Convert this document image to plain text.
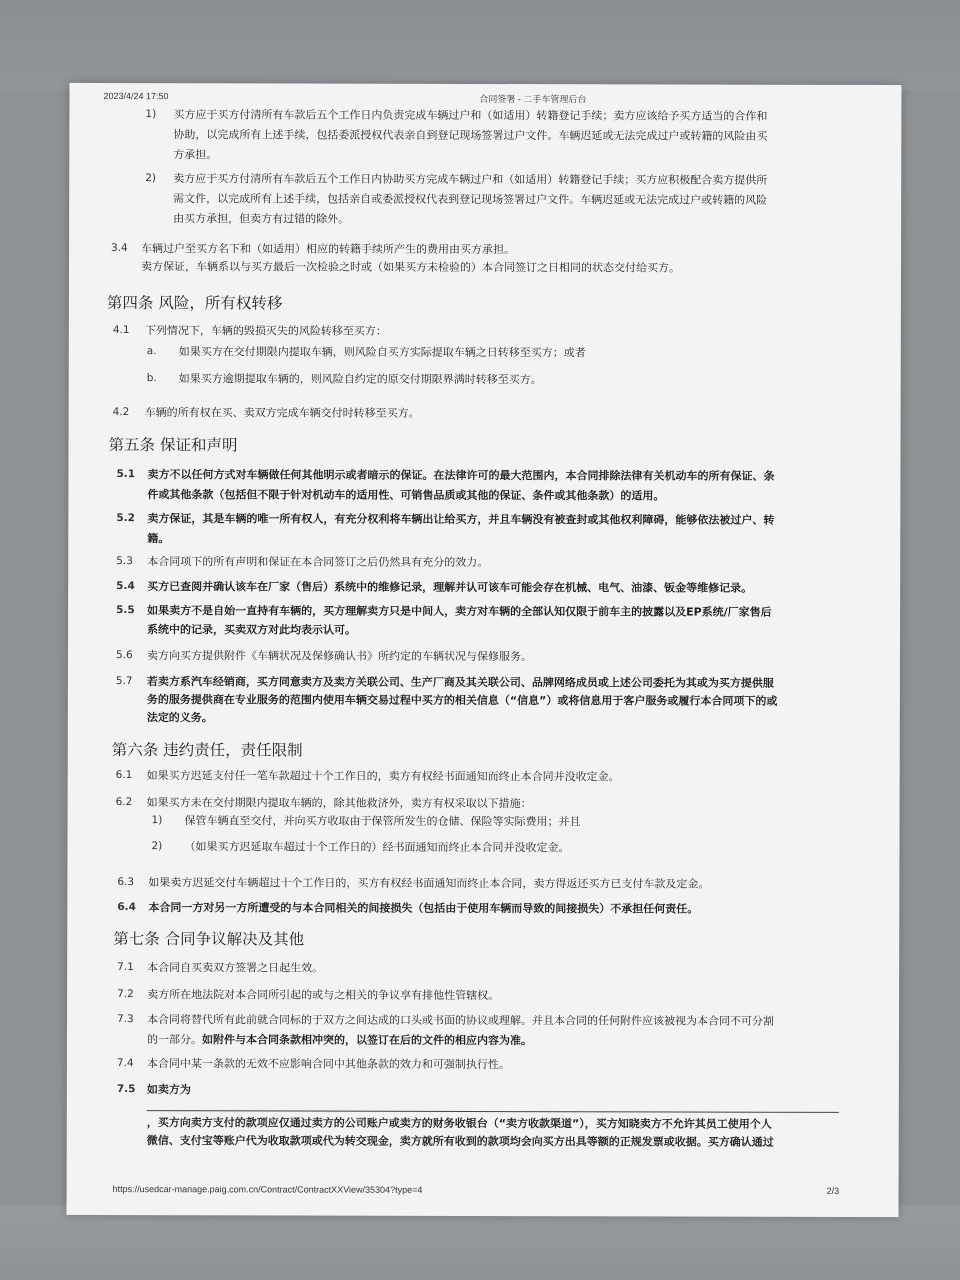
2023/4/24 17:50	合同签署 - 二手车管理后台
1) 买方应于买方付清所有车款后五个工作日内负责完成车辆过户和（如适用）转籍登记手续；卖方应该给予买方适当的合作和
协助，以完成所有上述手续，包括委派授权代表亲自到登记现场签署过户文件。车辆迟延或无法完成过户或转籍的风险由买
方承担。
2) 卖方应于买方付清所有车款后五个工作日内协助买方完成车辆过户和（如适用）转籍登记手续；买方应积极配合卖方提供所
需文件，以完成所有上述手续，包括亲自或委派授权代表到登记现场签署过户文件。车辆迟延或无法完成过户或转籍的风险
由买方承担，但卖方有过错的除外。
3.4 车辆过户至买方名下和（如适用）相应的转籍手续所产生的费用由买方承担。
卖方保证，车辆系以与买方最后一次检验之时或（如果买方未检验的）本合同签订之日相同的状态交付给买方。
第四条 风险，所有权转移
4.1 下列情况下，车辆的毁损灭失的风险转移至买方：
a. 如果买方在交付期限内提取车辆，则风险自买方实际提取车辆之日转移至买方；或者
b. 如果买方逾期提取车辆的，则风险自约定的原交付期限界满时转移至买方。
4.2 车辆的所有权在买、卖双方完成车辆交付时转移至买方。
第五条 保证和声明
5.1 卖方不以任何方式对车辆做任何其他明示或者暗示的保证。在法律许可的最大范围内，本合同排除法律有关机动车的所有保证、条
件或其他条款（包括但不限于针对机动车的适用性、可销售品质或其他的保证、条件或其他条款）的适用。
5.2 卖方保证，其是车辆的唯一所有权人，有充分权利将车辆出让给买方，并且车辆没有被查封或其他权利障碍，能够依法被过户、转
籍。
5.3 本合同项下的所有声明和保证在本合同签订之后仍然具有充分的效力。
5.4 买方已查阅并确认该车在厂家（售后）系统中的维修记录，理解并认可该车可能会存在机械、电气、油漆、钣金等维修记录。
5.5 如果卖方不是自始一直持有车辆的，买方理解卖方只是中间人，卖方对车辆的全部认知仅限于前车主的披露以及EP系统/厂家售后
系统中的记录，买卖双方对此均表示认可。
5.6 卖方向买方提供附件《车辆状况及保修确认书》所约定的车辆状况与保修服务。
5.7 若卖方系汽车经销商，买方同意卖方及卖方关联公司、生产厂商及其关联公司、品牌网络成员或上述公司委托为其或为买方提供服
务的服务提供商在专业服务的范围内使用车辆交易过程中买方的相关信息（“信息”）或将信息用于客户服务或履行本合同项下的或
法定的义务。
第六条 违约责任，责任限制
6.1 如果买方迟延支付任一笔车款超过十个工作日的，卖方有权经书面通知而终止本合同并没收定金。
6.2 如果买方未在交付期限内提取车辆的，除其他救济外，卖方有权采取以下措施：
1) 保管车辆直至交付，并向买方收取由于保管所发生的仓储、保险等实际费用；并且
2) （如果买方迟延取车超过十个工作日的）经书面通知而终止本合同并没收定金。
6.3 如果卖方迟延交付车辆超过十个工作日的，买方有权经书面通知而终止本合同，卖方得返还买方已支付车款及定金。
6.4 本合同一方对另一方所遭受的与本合同相关的间接损失（包括由于使用车辆而导致的间接损失）不承担任何责任。
第七条 合同争议解决及其他
7.1 本合同自买卖双方签署之日起生效。
7.2 卖方所在地法院对本合同所引起的或与之相关的争议享有排他性管辖权。
7.3 本合同将替代所有此前就合同标的于双方之间达成的口头或书面的协议或理解。并且本合同的任何附件应该被视为本合同不可分割
的一部分。如附件与本合同条款相冲突的，以签订在后的文件的相应内容为准。
7.4 本合同中某一条款的无效不应影响合同中其他条款的效力和可强制执行性。
7.5 如卖方为
，买方向卖方支付的款项应仅通过卖方的公司账户或卖方的财务收银台（“卖方收款渠道”），买方知晓卖方不允许其员工使用个人
微信、支付宝等账户代为收取款项或代为转交现金，卖方就所有收到的款项均会向买方出具等额的正规发票或收据。买方确认通过
https://usedcar-manage.paig.com.cn/Contract/ContractXXView/35304?type=4	2/3
